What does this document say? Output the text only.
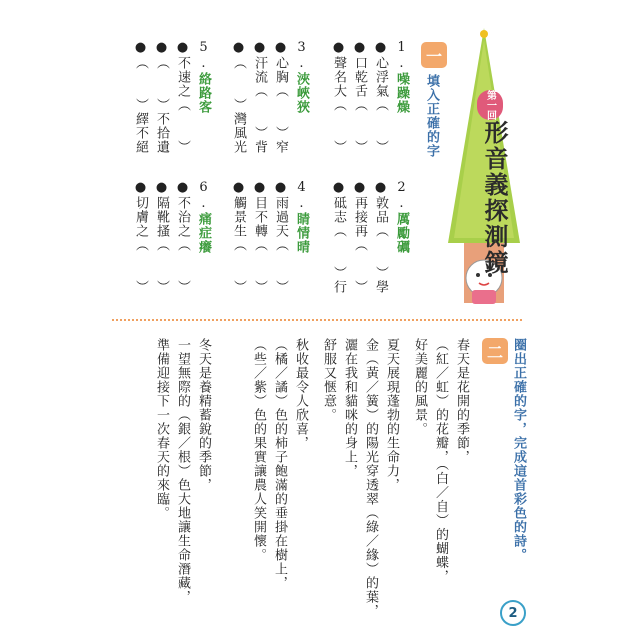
一
填入正確的字	第一回
形音義探測鏡
1.噪躁燥
●心浮氣（　　）
●口乾舌（　　）
●聲名大（　　）
2.厲勵礪
●敦品（　　）學
●再接再（　　）
●砥志（　　）行
3.浹峽狹
●心胸（　　）窄
●汗流（　　）背
●（　　）灣風光
4.睛情晴
●雨過天（　　）
●目不轉（　　）
●觸景生（　　）
5.絡路客
●不速之（　　）
●（　　）不拾遺
●（　　）繹不絕
6.痛症癢
●不治之（　　）
●隔靴搔（　　）
●切膚之（　　）
二 圈出正確的字，完成這首彩色的詩。
春天是花開的季節，
（紅／虹）的花瓣，（白／自）的蝴蝶，
好美麗的風景。
夏天展現蓬勃的生命力，
金（黃／簧）的陽光穿透翠（綠／緣）的葉，
灑在我和貓咪的身上，
舒服又愜意。
秋收最令人欣喜，
（橘／譎）色的柿子飽滿的垂掛在樹上，
（些／紫）色的果實讓農人笑開懷。
冬天是養精蓄銳的季節，
一望無際的（銀／根）色大地讓生命潛藏，
準備迎接下一次春天的來臨。
2
